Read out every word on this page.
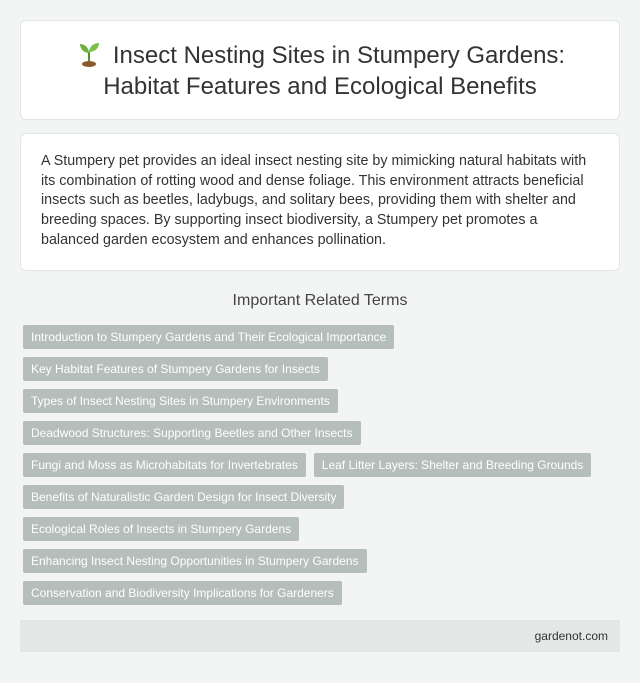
Insect Nesting Sites in Stumpery Gardens: Habitat Features and Ecological Benefits

A Stumpery pet provides an ideal insect nesting site by mimicking natural habitats with its combination of rotting wood and dense foliage. This environment attracts beneficial insects such as beetles, ladybugs, and solitary bees, providing them with shelter and breeding spaces. By supporting insect biodiversity, a Stumpery pet promotes a balanced garden ecosystem and enhances pollination.

Important Related Terms
Introduction to Stumpery Gardens and Their Ecological Importance
Key Habitat Features of Stumpery Gardens for Insects
Types of Insect Nesting Sites in Stumpery Environments
Deadwood Structures: Supporting Beetles and Other Insects
Fungi and Moss as Microhabitats for Invertebrates	Leaf Litter Layers: Shelter and Breeding Grounds
Benefits of Naturalistic Garden Design for Insect Diversity
Ecological Roles of Insects in Stumpery Gardens
Enhancing Insect Nesting Opportunities in Stumpery Gardens
Conservation and Biodiversity Implications for Gardeners
gardenot.com
